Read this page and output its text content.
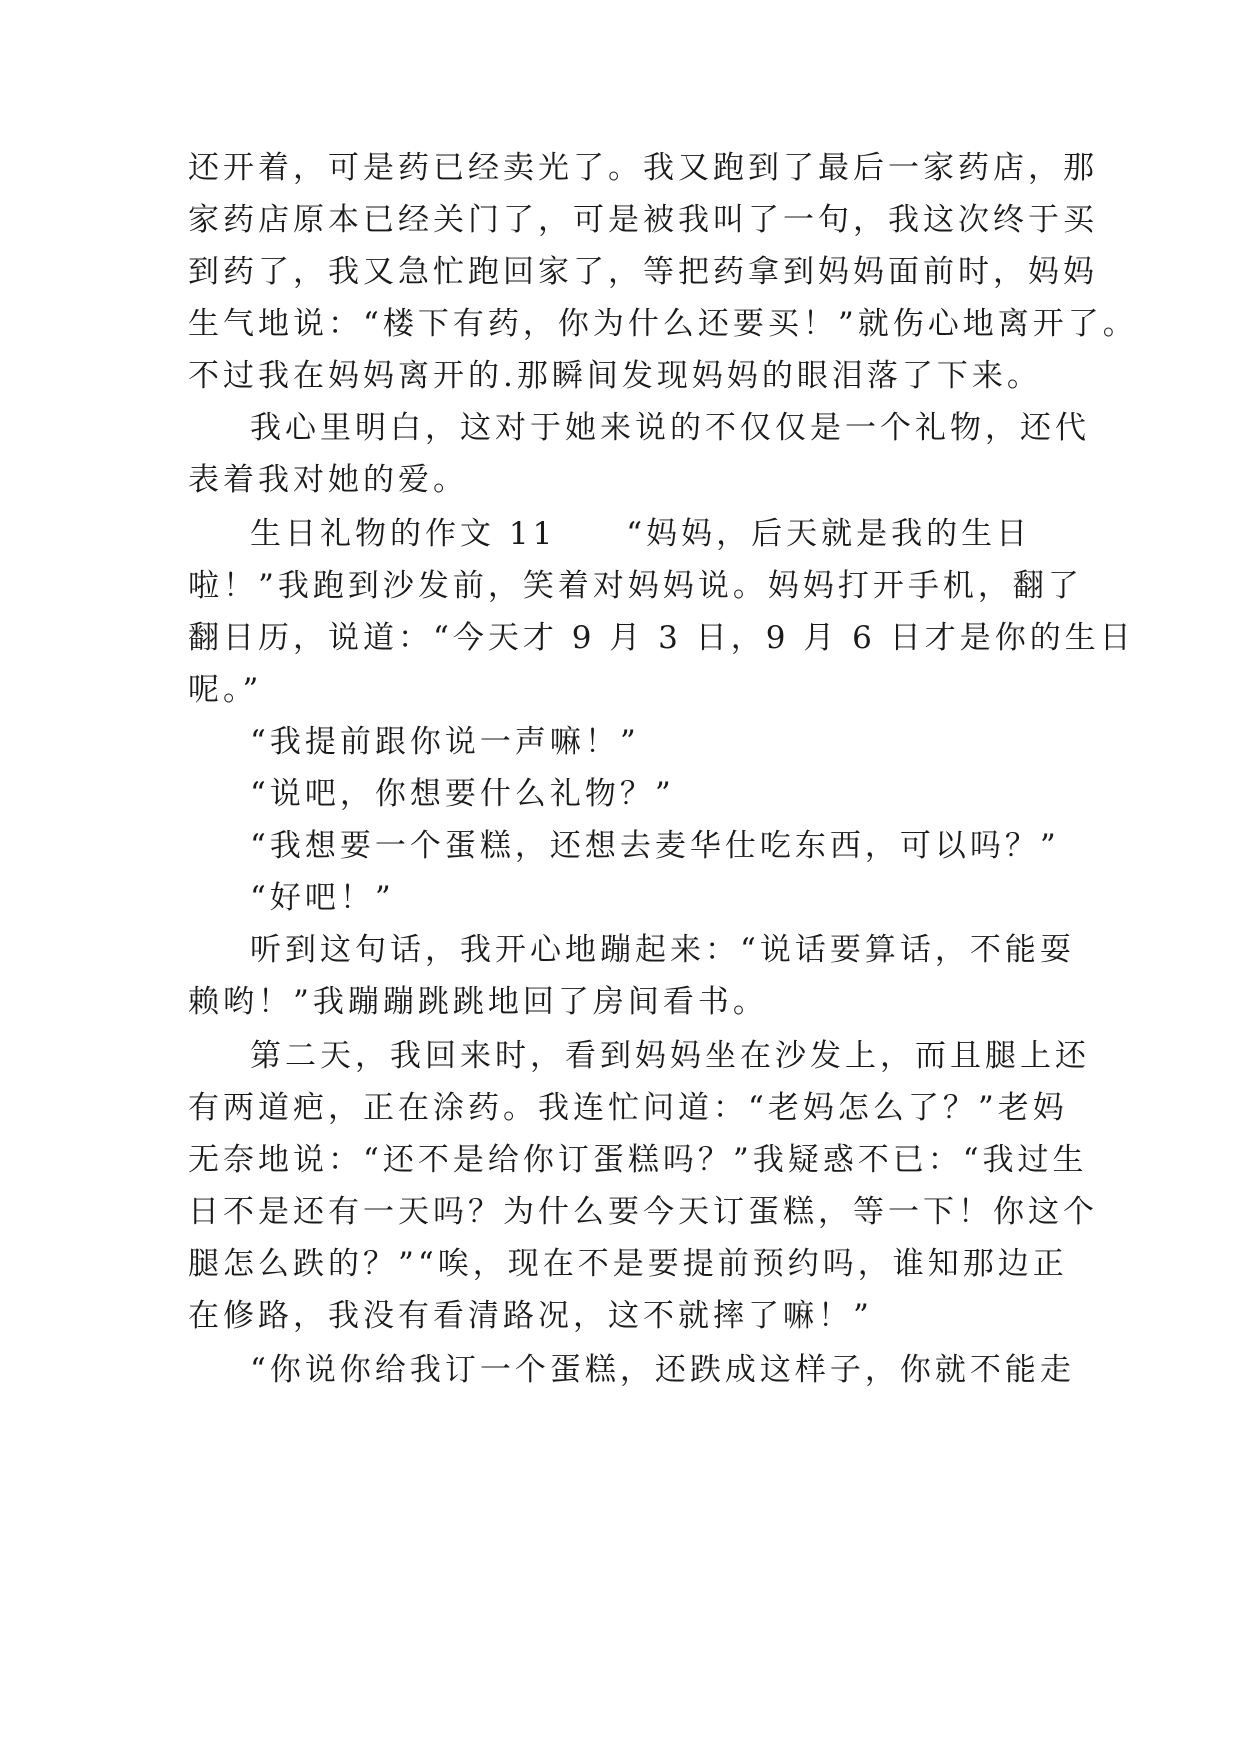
还开着，可是药已经卖光了。我又跑到了最后一家药店，那
家药店原本已经关门了，可是被我叫了一句，我这次终于买
到药了，我又急忙跑回家了，等把药拿到妈妈面前时，妈妈
生气地说：“楼下有药，你为什么还要买！”就伤心地离开了。
不过我在妈妈离开的.那瞬间发现妈妈的眼泪落了下来。
我心里明白，这对于她来说的不仅仅是一个礼物，还代
表着我对她的爱。
生日礼物的作文 11　　“妈妈，后天就是我的生日
啦！”我跑到沙发前，笑着对妈妈说。妈妈打开手机，翻了
翻日历，说道：“今天才 9 月 3 日，9 月 6 日才是你的生日
呢。”
“我提前跟你说一声嘛！”
“说吧，你想要什么礼物？”
“我想要一个蛋糕，还想去麦华仕吃东西，可以吗？”
“好吧！”
听到这句话，我开心地蹦起来：“说话要算话，不能耍
赖哟！”我蹦蹦跳跳地回了房间看书。
第二天，我回来时，看到妈妈坐在沙发上，而且腿上还
有两道疤，正在涂药。我连忙问道：“老妈怎么了？”老妈
无奈地说：“还不是给你订蛋糕吗？”我疑惑不已：“我过生
日不是还有一天吗？为什么要今天订蛋糕，等一下！你这个
腿怎么跌的？”“唉，现在不是要提前预约吗，谁知那边正
在修路，我没有看清路况，这不就摔了嘛！”
“你说你给我订一个蛋糕，还跌成这样子，你就不能走
